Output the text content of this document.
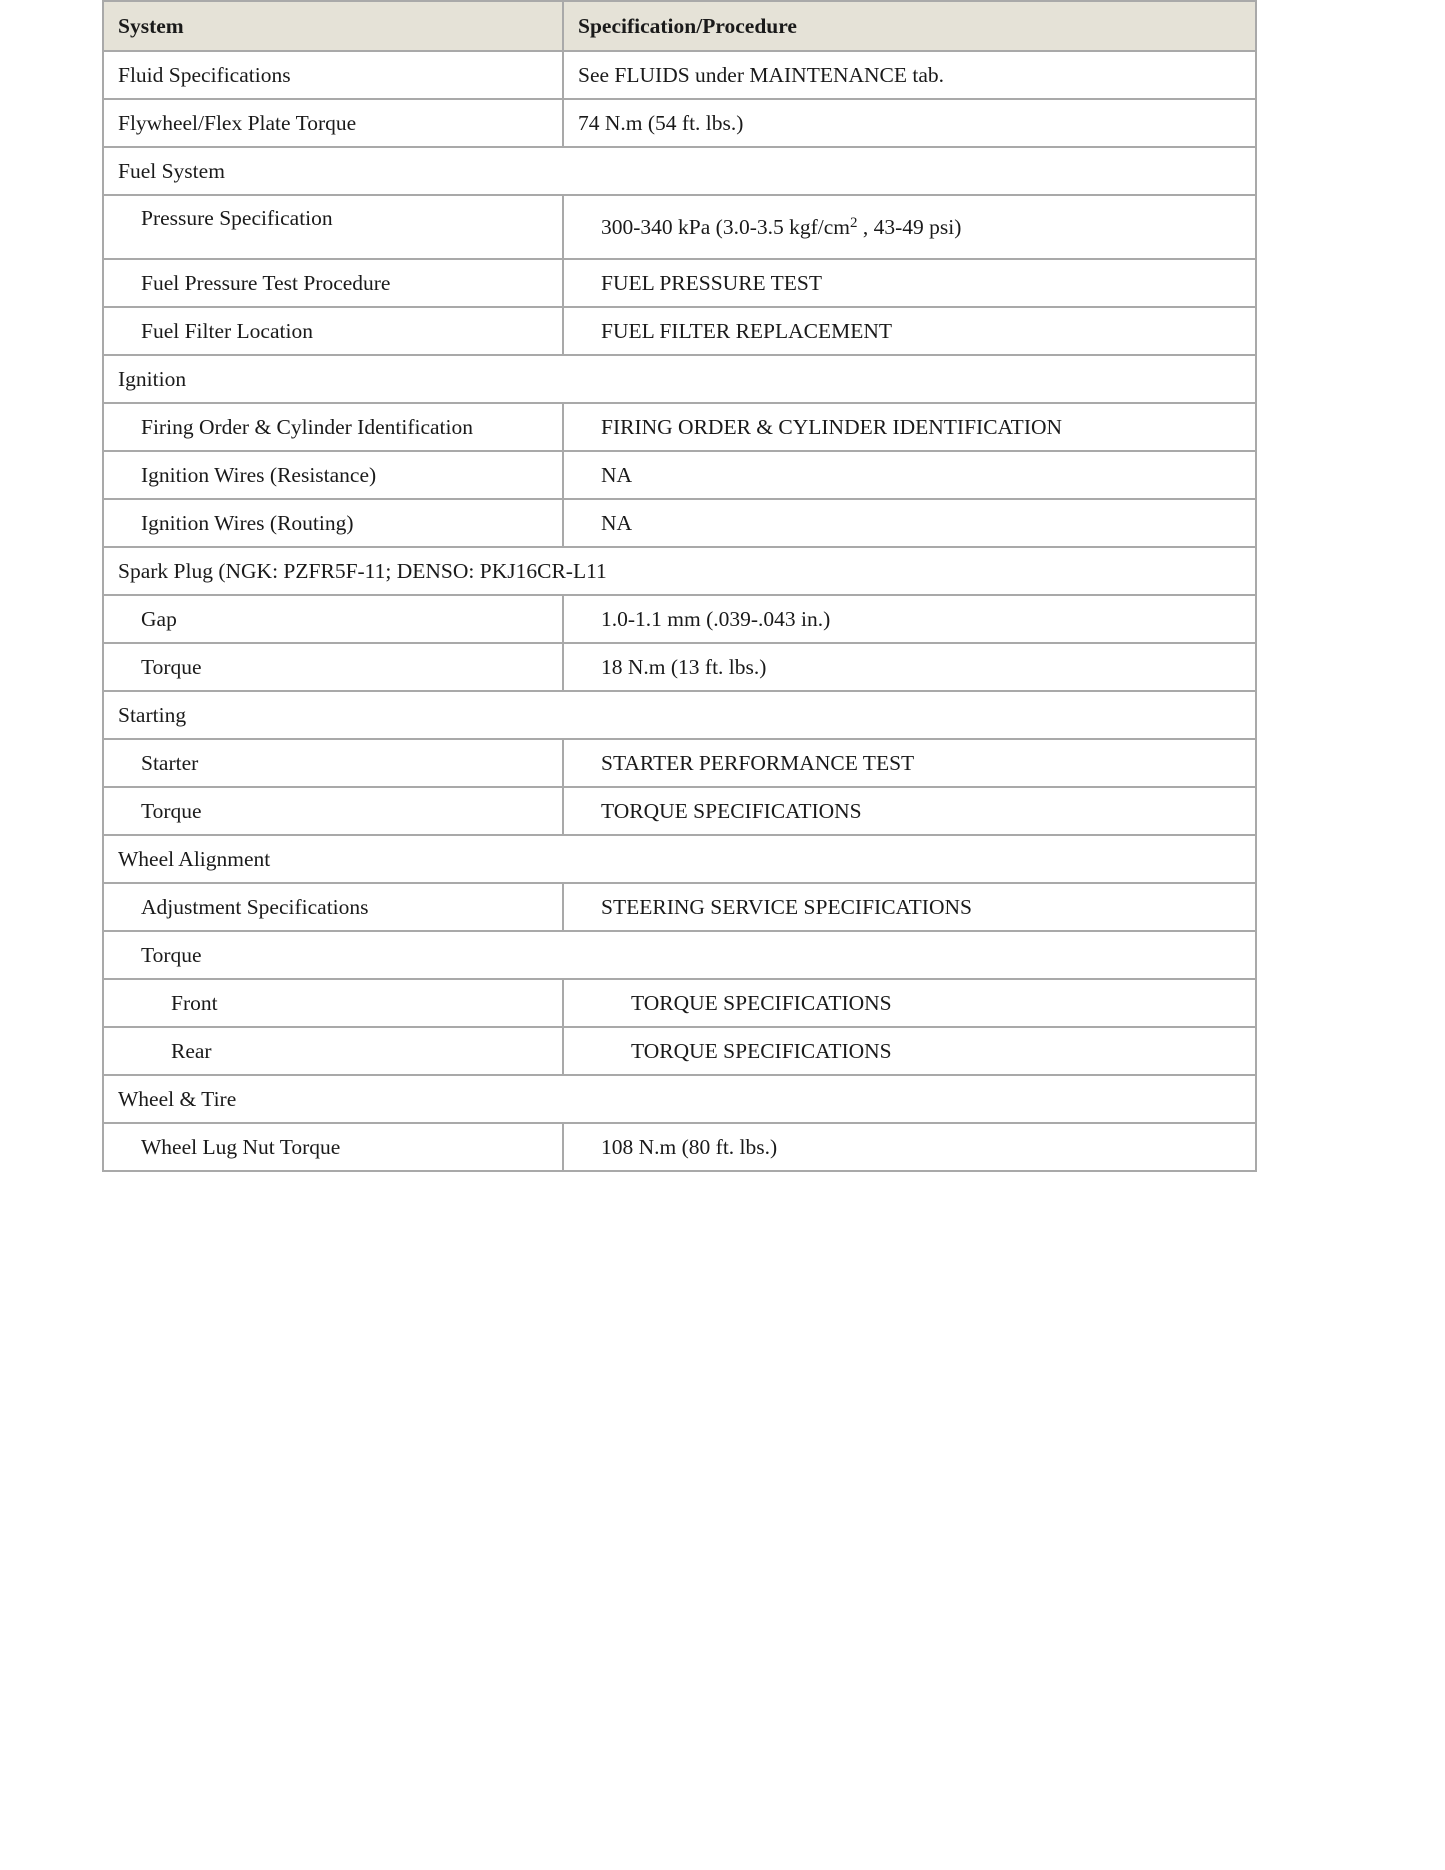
System	Specification/Procedure
Fluid Specifications	See FLUIDS under MAINTENANCE tab.
Flywheel/Flex Plate Torque	74 N.m (54 ft. lbs.)
Fuel System	
Pressure Specification	300-340 kPa (3.0-3.5 kgf/$cm^2$ , 43-49 psi)
Fuel Pressure Test Procedure	FUEL PRESSURE TEST
Fuel Filter Location	FUEL FILTER REPLACEMENT
Ignition	
Firing Order & Cylinder Identification	FIRING ORDER & CYLINDER IDENTIFICATION
Ignition Wires (Resistance)	NA
Ignition Wires (Routing)	NA
Spark Plug (NGK: PZFR5F-11; DENSO: PKJ16CR-L11	
Gap	1.0-1.1 mm (.039-.043 in.)
Torque	18 N.m (13 ft. lbs.)
Starting	
Starter	STARTER PERFORMANCE TEST
Torque	TORQUE SPECIFICATIONS
Wheel Alignment	
Adjustment Specifications	STEERING SERVICE SPECIFICATIONS
Torque	
Front	TORQUE SPECIFICATIONS
Rear	TORQUE SPECIFICATIONS
Wheel & Tire	
Wheel Lug Nut Torque	108 N.m (80 ft. lbs.)
